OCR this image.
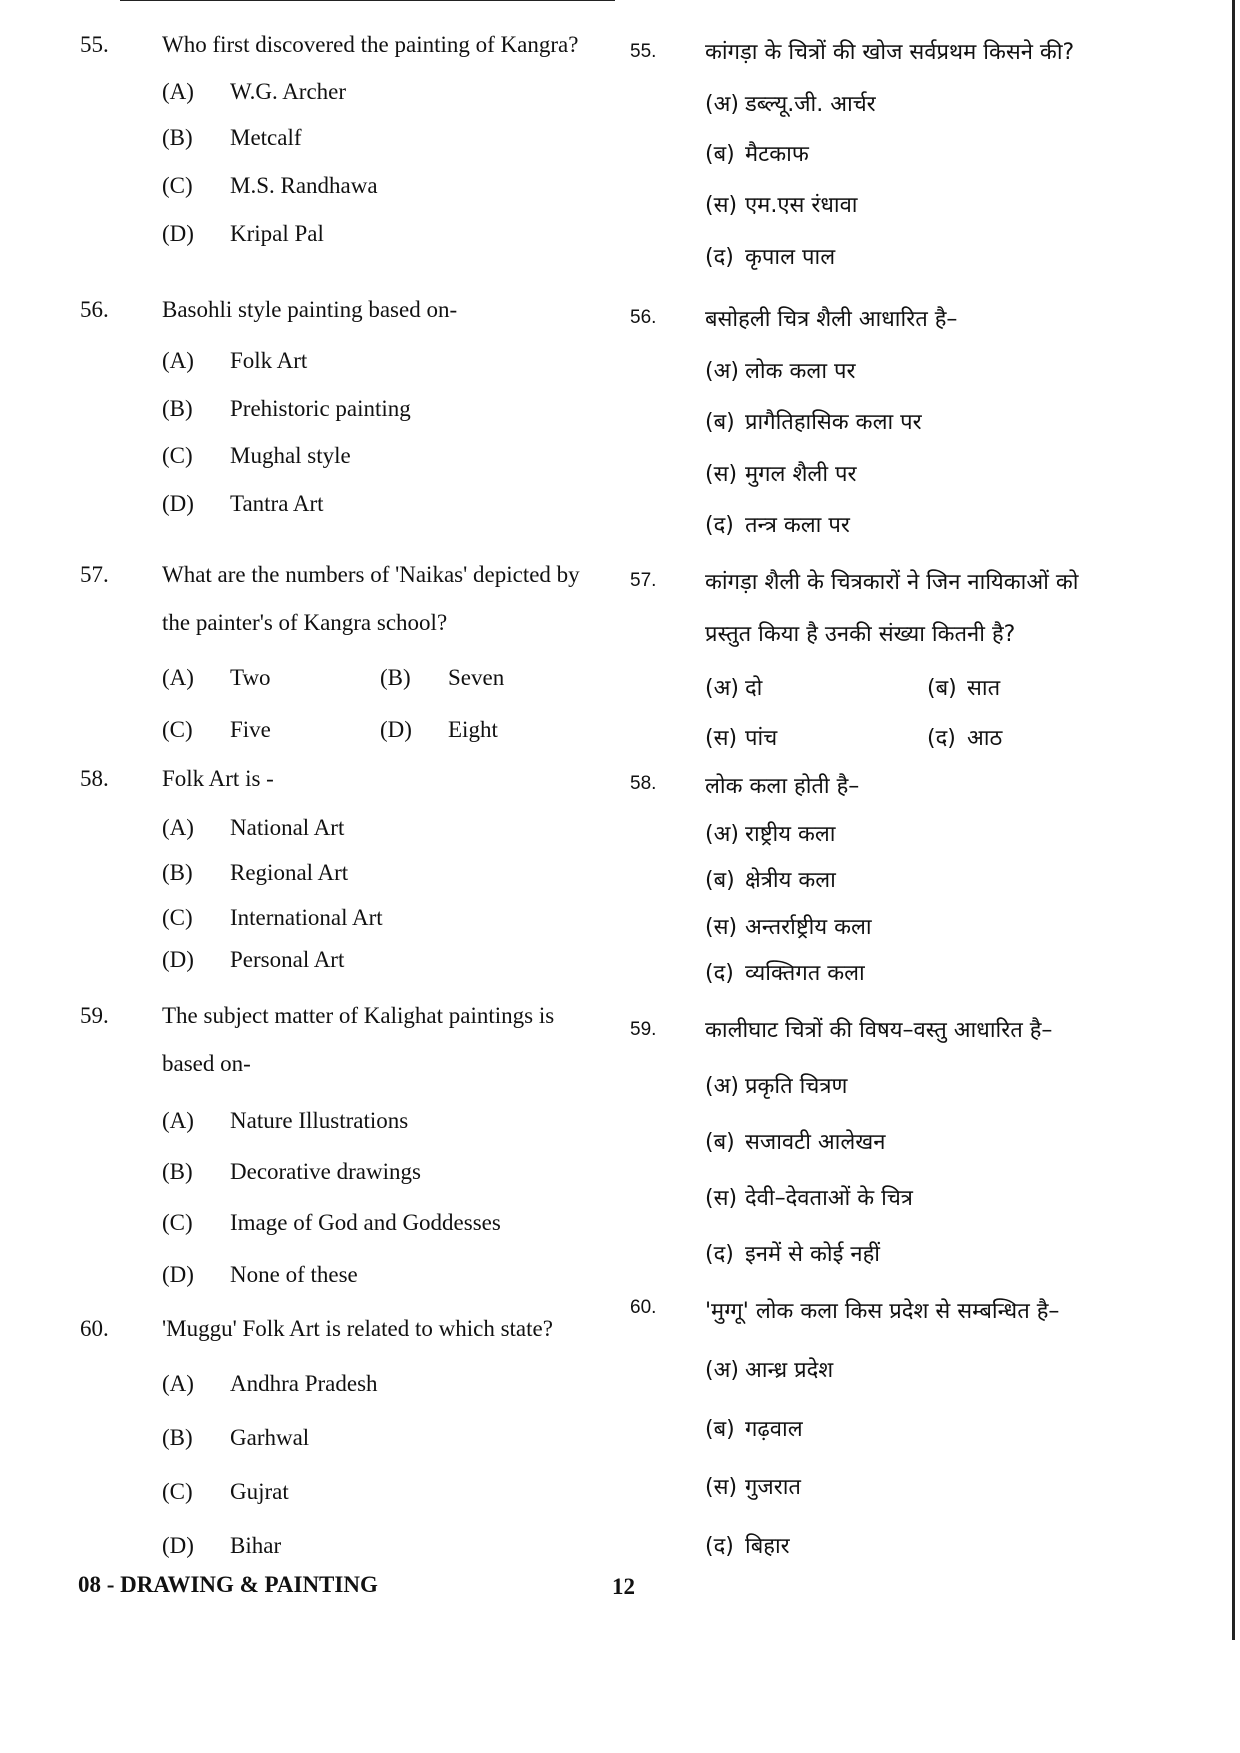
55. Who first discovered the painting of Kangra?
(A) W.G. Archer
(B) Metcalf
(C) M.S. Randhawa
(D) Kripal Pal
56. Basohli style painting based on-
(A) Folk Art
(B) Prehistoric painting
(C) Mughal style
(D) Tantra Art
57. What are the numbers of 'Naikas' depicted by
the painter's of Kangra school?
(A) Two	(B) Seven
(C) Five	(D) Eight
58. Folk Art is -
(A) National Art
(B) Regional Art
(C) International Art
(D) Personal Art
59. The subject matter of Kalighat paintings is
based on-
(A) Nature Illustrations
(B) Decorative drawings
(C) Image of God and Goddesses
(D) None of these
60. 'Muggu' Folk Art is related to which state?
(A) Andhra Pradesh
(B) Garhwal
(C) Gujrat
(D) Bihar
55. कांगड़ा के चित्रों की खोज सर्वप्रथम किसने की?
(अ) डब्ल्यू.जी. आर्चर
(ब) मैटकाफ
(स) एम.एस रंधावा
(द) कृपाल पाल
56. बसोहली चित्र शैली आधारित है–
(अ) लोक कला पर
(ब) प्रागैतिहासिक कला पर
(स) मुगल शैली पर
(द) तन्त्र कला पर
57. कांगड़ा शैली के चित्रकारों ने जिन नायिकाओं को
प्रस्तुत किया है उनकी संख्या कितनी है?
(अ) दो	(ब) सात
(स) पांच	(द) आठ
58. लोक कला होती है–
(अ) राष्ट्रीय कला
(ब) क्षेत्रीय कला
(स) अन्तर्राष्ट्रीय कला
(द) व्यक्तिगत कला
59. कालीघाट चित्रों की विषय–वस्तु आधारित है–
(अ) प्रकृति चित्रण
(ब) सजावटी आलेखन
(स) देवी–देवताओं के चित्र
(द) इनमें से कोई नहीं
60. 'मुग्गू' लोक कला किस प्रदेश से सम्बन्धित है–
(अ) आन्ध्र प्रदेश
(ब) गढ़वाल
(स) गुजरात
(द) बिहार
08 - DRAWING & PAINTING	12
